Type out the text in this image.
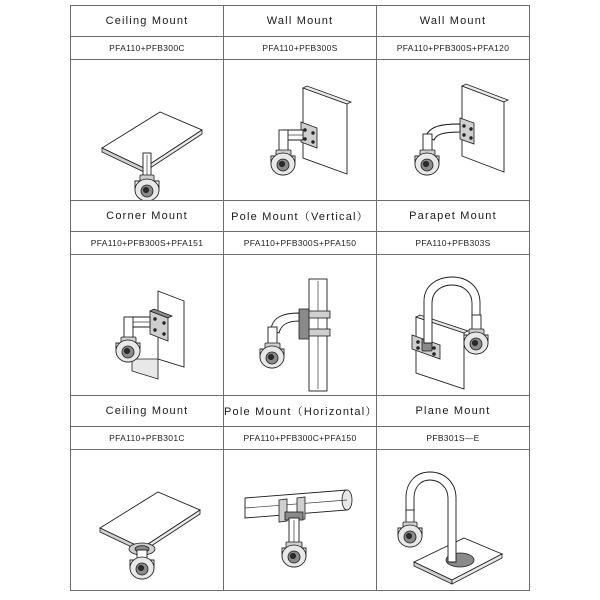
Ceiling Mount	Wall Mount	Wall Mount
PFA110+PFB300C	PFA110+PFB300S	PFA110+PFB300S+PFA120

Corner Mount	Pole Mount（Vertical）	Parapet Mount
PFA110+PFB300S+PFA151	PFA110+PFB300S+PFA150	PFA110+PFB303S

Ceiling Mount	Pole Mount（Horizontal）	Plane Mount
PFA110+PFB301C	PFA110+PFB300C+PFA150	PFB301S—E
